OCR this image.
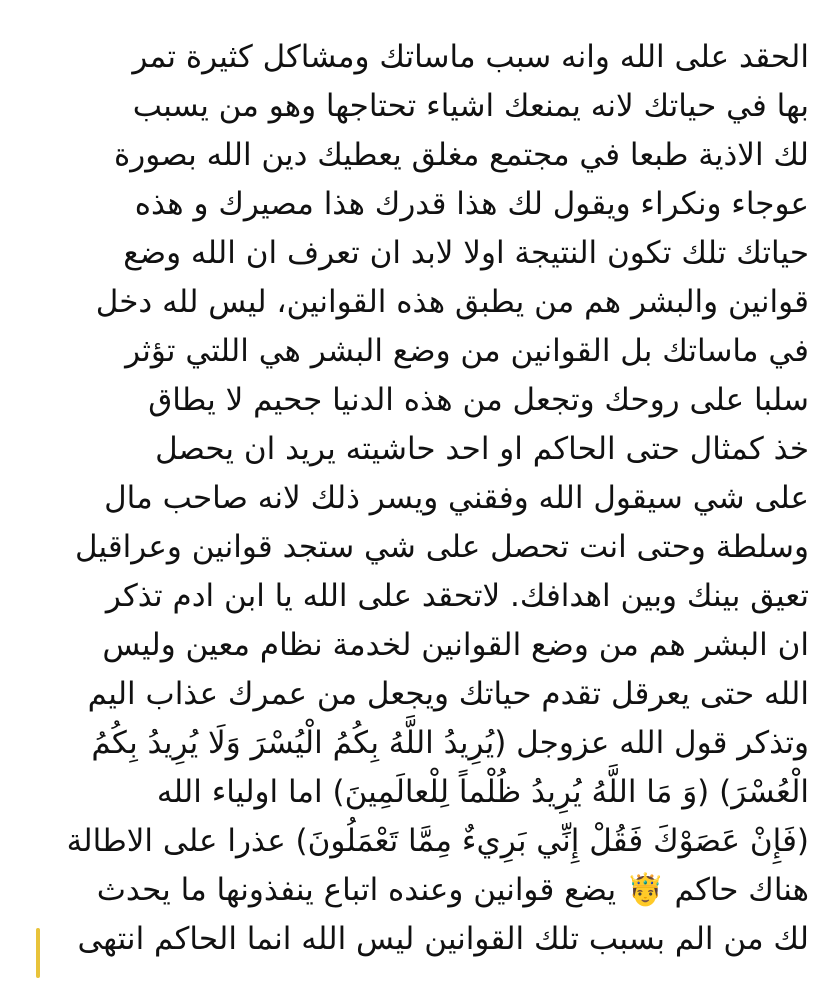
الحقد على الله وانه سبب ماساتك ومشاكل كثيرة تمر
بها في حياتك لانه يمنعك اشياء تحتاجها وهو من يسبب
لك الاذية طبعا في مجتمع مغلق يعطيك دين الله بصورة
عوجاء ونكراء ويقول لك هذا قدرك هذا مصيرك و هذه
حياتك تلك تكون النتيجة اولا لابد ان تعرف ان الله وضع
قوانين والبشر هم من يطبق هذه القوانين، ليس لله دخل
في ماساتك بل القوانين من وضع البشر هي اللتي تؤثر
سلبا على روحك وتجعل من هذه الدنيا جحيم لا يطاق
خذ كمثال حتى الحاكم او احد حاشيته يريد ان يحصل
على شي سيقول الله وفقني ويسر ذلك لانه صاحب مال
وسلطة وحتى انت تحصل على شي ستجد قوانين وعراقيل
تعيق بينك وبين اهدافك. لاتحقد على الله يا ابن ادم تذكر
ان البشر هم من وضع القوانين لخدمة نظام معين وليس
الله حتى يعرقل تقدم حياتك ويجعل من عمرك عذاب اليم
وتذكر قول الله عزوجل (يُرِيدُ اللَّهُ بِكُمُ الْيُسْرَ وَلَا يُرِيدُ بِكُمُ
الْعُسْرَ) (وَ مَا اللَّهُ يُرِيدُ ظُلْماً لِلْعالَمِينَ) اما اولياء الله
(فَإِنْ عَصَوْكَ فَقُلْ إِنِّي بَرِيءٌ مِمَّا تَعْمَلُونَ) عذرا على الاطالة
هناك حاكم 🤴 يضع قوانين وعنده اتباع ينفذونها ما يحدث
لك من الم بسبب تلك القوانين ليس الله انما الحاكم انتهى
